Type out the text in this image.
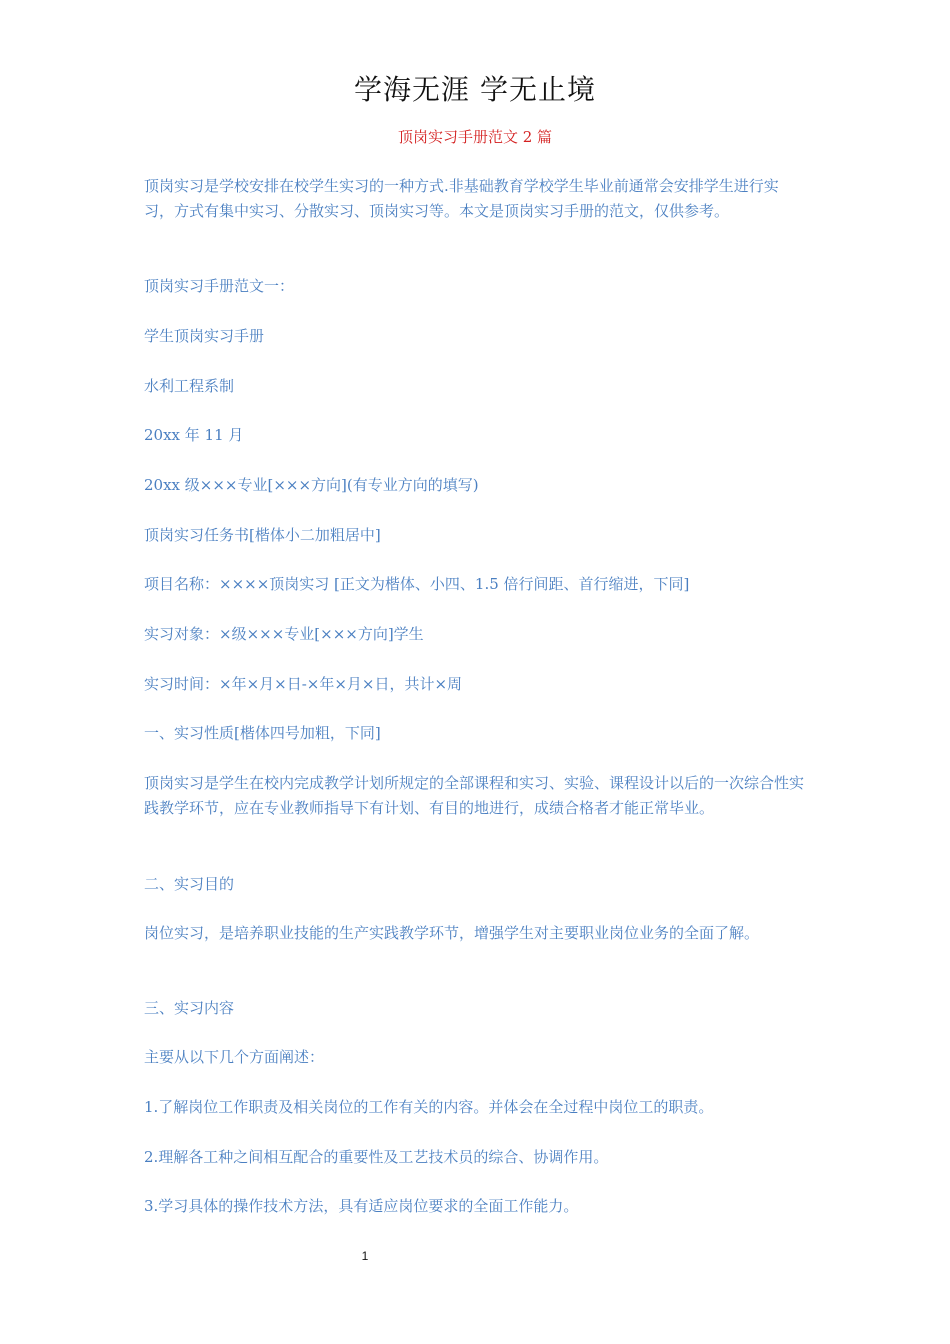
学海无涯 学无止境
顶岗实习手册范文 2 篇
顶岗实习是学校安排在校学生实习的一种方式.非基础教育学校学生毕业前通常会安排学生进行实习，方式有集中实习、分散实习、顶岗实习等。本文是顶岗实习手册的范文，仅供参考。
顶岗实习手册范文一：
学生顶岗实习手册
水利工程系制
20xx 年 11 月
20xx 级×××专业[×××方向](有专业方向的填写)
顶岗实习任务书[楷体小二加粗居中]
项目名称：××××顶岗实习 [正文为楷体、小四、1.5 倍行间距、首行缩进，下同]
实习对象：×级×××专业[×××方向]学生
实习时间：×年×月×日-×年×月×日，共计×周
一、实习性质[楷体四号加粗，下同]
顶岗实习是学生在校内完成教学计划所规定的全部课程和实习、实验、课程设计以后的一次综合性实践教学环节，应在专业教师指导下有计划、有目的地进行，成绩合格者才能正常毕业。
二、实习目的
岗位实习，是培养职业技能的生产实践教学环节，增强学生对主要职业岗位业务的全面了解。
三、实习内容
主要从以下几个方面阐述：
1.了解岗位工作职责及相关岗位的工作有关的内容。并体会在全过程中岗位工的职责。
2.理解各工种之间相互配合的重要性及工艺技术员的综合、协调作用。
3.学习具体的操作技术方法，具有适应岗位要求的全面工作能力。
1
